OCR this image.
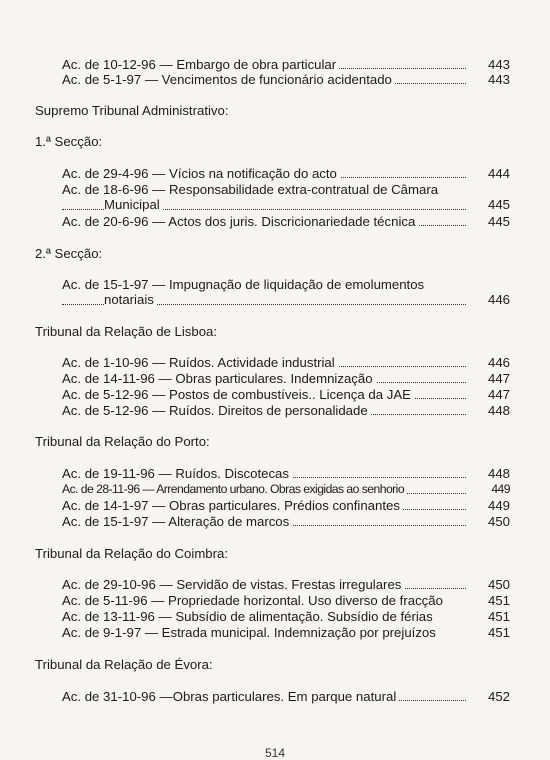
Ac. de 10-12-96 — Embargo de obra particular	443
Ac. de 5-1-97 — Vencimentos de funcionário acidentado	443
Supremo Tribunal Administrativo:
1.ª Secção:
Ac. de 29-4-96 — Vícios na notificação do acto	444
Ac. de 18-6-96 — Responsabilidade extra-contratual de Câmara
Municipal	445
Ac. de 20-6-96 — Actos dos juris. Discricionariedade técnica	445
2.ª Secção:
Ac. de 15-1-97 — Impugnação de liquidação de emolumentos
notariais	446
Tribunal da Relação de Lisboa:
Ac. de 1-10-96 — Ruídos. Actividade industrial	446
Ac. de 14-11-96 — Obras particulares. Indemnização	447
Ac. de 5-12-96 — Postos de combustíveis.. Licença da JAE	447
Ac. de 5-12-96 — Ruídos. Direitos de personalidade	448
Tribunal da Relação do Porto:
Ac. de 19-11-96 — Ruídos. Discotecas	448
Ac. de 28-11-96 — Arrendamento urbano. Obras exigidas ao senhorio	449
Ac. de 14-1-97 — Obras particulares. Prédios confinantes	449
Ac. de 15-1-97 — Alteração de marcos	450
Tribunal da Relação do Coimbra:
Ac. de 29-10-96 — Servidão de vistas. Frestas irregulares	450
Ac. de 5-11-96 — Propriedade horizontal. Uso diverso de fracção	451
Ac. de 13-11-96 — Subsídio de alimentação. Subsídio de férias	451
Ac. de 9-1-97 — Estrada municipal. Indemnização por prejuízos	451
Tribunal da Relação de Évora:
Ac. de 31-10-96 —Obras particulares. Em parque natural	452
514
